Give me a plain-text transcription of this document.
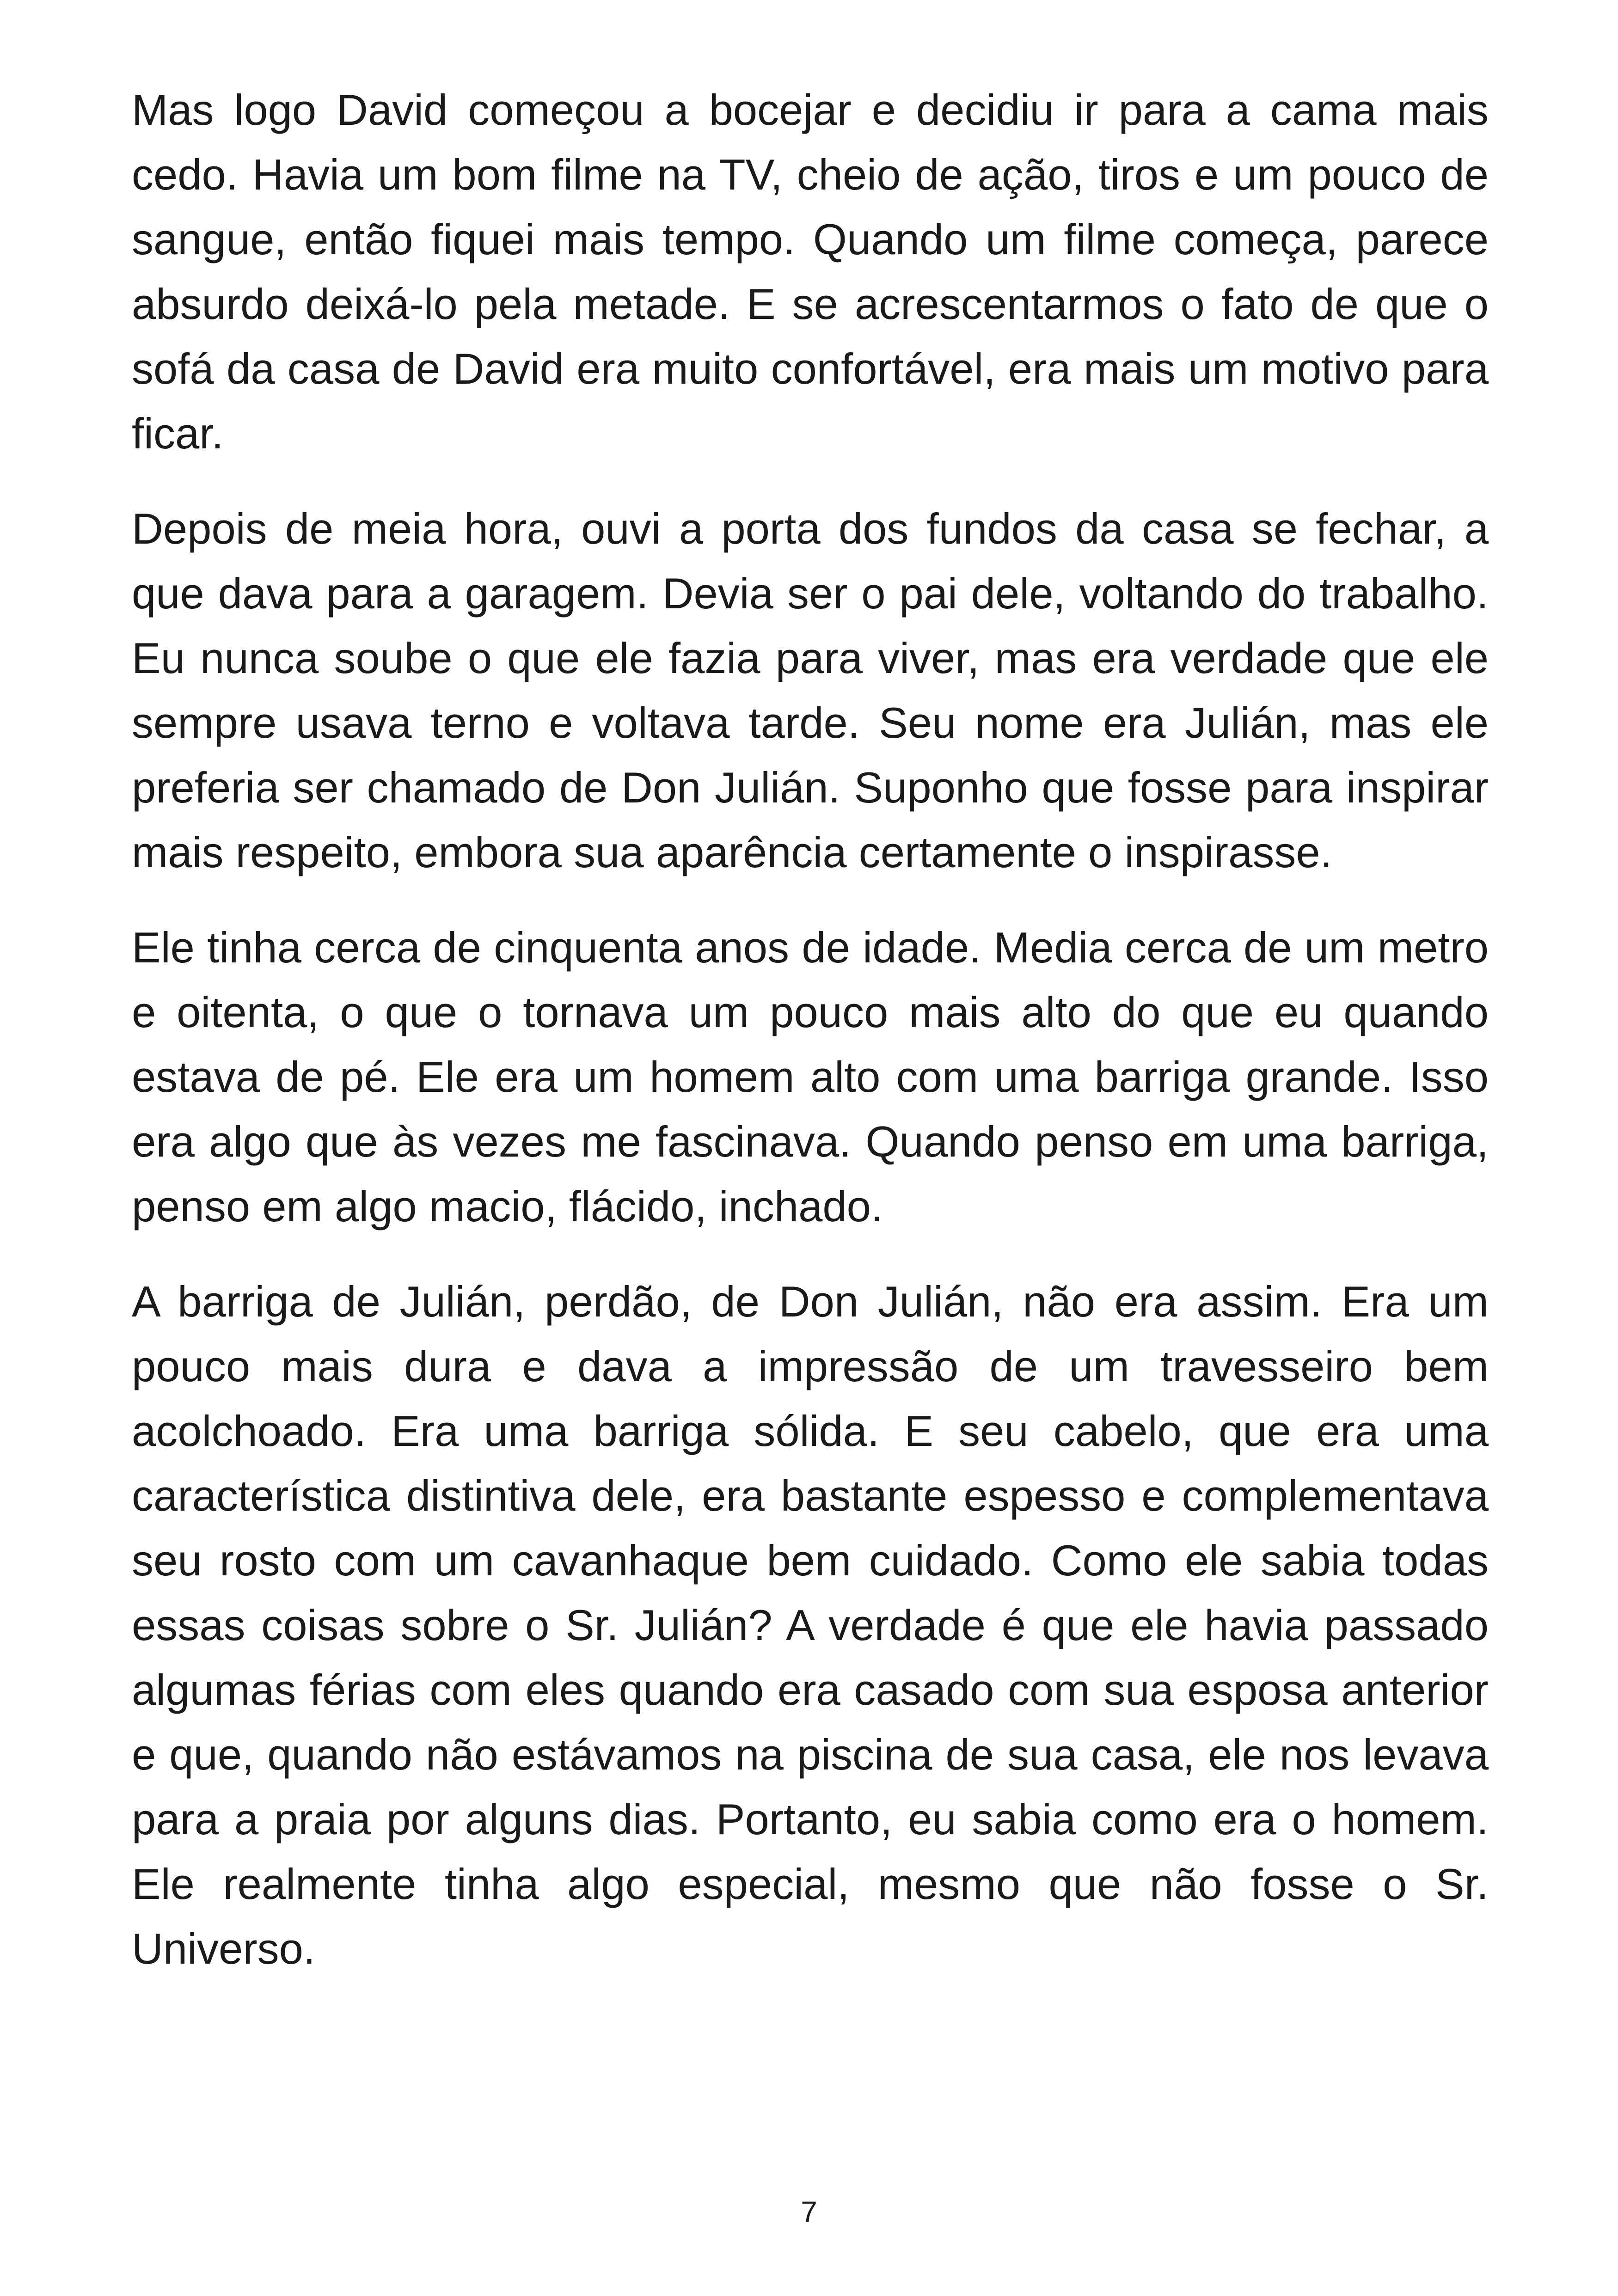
Mas logo David começou a bocejar e decidiu ir para a cama mais cedo. Havia um bom filme na TV, cheio de ação, tiros e um pouco de sangue, então fiquei mais tempo. Quando um filme começa, parece absurdo deixá-lo pela metade. E se acrescentarmos o fato de que o sofá da casa de David era muito confortável, era mais um motivo para ficar.

Depois de meia hora, ouvi a porta dos fundos da casa se fechar, a que dava para a garagem. Devia ser o pai dele, voltando do trabalho. Eu nunca soube o que ele fazia para viver, mas era verdade que ele sempre usava terno e voltava tarde. Seu nome era Julián, mas ele preferia ser chamado de Don Julián. Suponho que fosse para inspirar mais respeito, embora sua aparência certamente o inspirasse.

Ele tinha cerca de cinquenta anos de idade. Media cerca de um metro e oitenta, o que o tornava um pouco mais alto do que eu quando estava de pé. Ele era um homem alto com uma barriga grande. Isso era algo que às vezes me fascinava. Quando penso em uma barriga, penso em algo macio, flácido, inchado.

A barriga de Julián, perdão, de Don Julián, não era assim. Era um pouco mais dura e dava a impressão de um travesseiro bem acolchoado. Era uma barriga sólida. E seu cabelo, que era uma característica distintiva dele, era bastante espesso e complementava seu rosto com um cavanhaque bem cuidado. Como ele sabia todas essas coisas sobre o Sr. Julián? A verdade é que ele havia passado algumas férias com eles quando era casado com sua esposa anterior e que, quando não estávamos na piscina de sua casa, ele nos levava para a praia por alguns dias. Portanto, eu sabia como era o homem. Ele realmente tinha algo especial, mesmo que não fosse o Sr. Universo.

7
